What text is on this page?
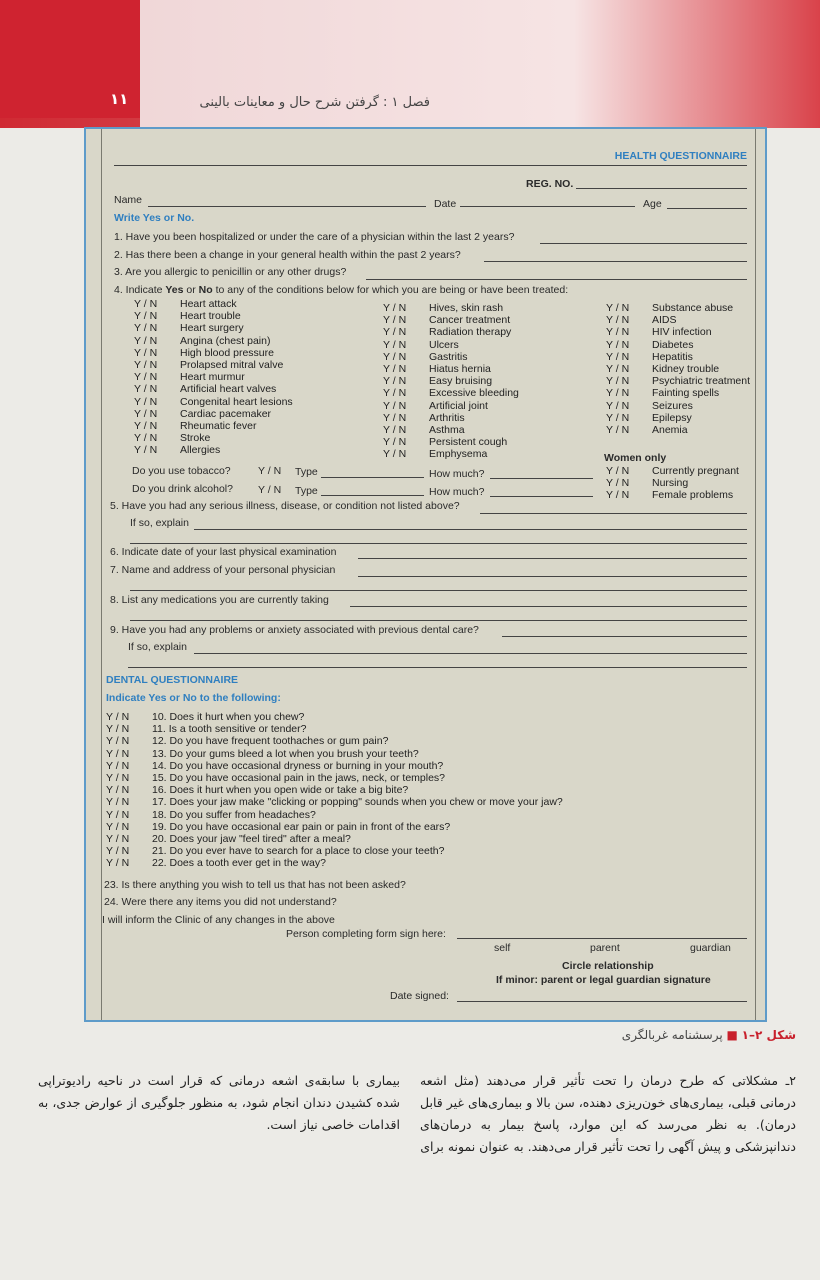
۱۱	فصل ۱ : گرفتن شرح حال و معاینات بالینی
HEALTH QUESTIONNAIRE
REG. NO.
Name	Date	Age
Write Yes or No.
1. Have you been hospitalized or under the care of a physician within the last 2 years?
2. Has there been a change in your general health within the past 2 years?
3. Are you allergic to penicillin or any other drugs?
4. Indicate Yes or No to any of the conditions below for which you are being or have been treated:
Y / N Heart attack
Y / N Heart trouble
Y / N Heart surgery
Y / N Angina (chest pain)
Y / N High blood pressure
Y / N Prolapsed mitral valve
Y / N Heart murmur
Y / N Artificial heart valves
Y / N Congenital heart lesions
Y / N Cardiac pacemaker
Y / N Rheumatic fever
Y / N Stroke
Y / N Allergies
Y / N Hives, skin rash
Y / N Cancer treatment
Y / N Radiation therapy
Y / N Ulcers
Y / N Gastritis
Y / N Hiatus hernia
Y / N Easy bruising
Y / N Excessive bleeding
Y / N Artificial joint
Y / N Arthritis
Y / N Asthma
Y / N Persistent cough
Y / N Emphysema
Y / N Substance abuse
Y / N AIDS
Y / N HIV infection
Y / N Diabetes
Y / N Hepatitis
Y / N Kidney trouble
Y / N Psychiatric treatment
Y / N Fainting spells
Y / N Seizures
Y / N Epilepsy
Y / N Anemia
Women only
Y / N Currently pregnant
Y / N Nursing
Y / N Female problems
Do you use tobacco?	Y / N Type	How much?
Do you drink alcohol? Y / N Type	How much?
5. Have you had any serious illness, disease, or condition not listed above?
If so, explain
6. Indicate date of your last physical examination
7. Name and address of your personal physician
8. List any medications you are currently taking
9. Have you had any problems or anxiety associated with previous dental care?
If so, explain
DENTAL QUESTIONNAIRE
Indicate Yes or No to the following:
Y / N 10. Does it hurt when you chew?
Y / N 11. Is a tooth sensitive or tender?
Y / N 12. Do you have frequent toothaches or gum pain?
Y / N 13. Do your gums bleed a lot when you brush your teeth?
Y / N 14. Do you have occasional dryness or burning in your mouth?
Y / N 15. Do you have occasional pain in the jaws, neck, or temples?
Y / N 16. Does it hurt when you open wide or take a big bite?
Y / N 17. Does your jaw make "clicking or popping" sounds when you chew or move your jaw?
Y / N 18. Do you suffer from headaches?
Y / N 19. Do you have occasional ear pain or pain in front of the ears?
Y / N 20. Does your jaw "feel tired" after a meal?
Y / N 21. Do you ever have to search for a place to close your teeth?
Y / N 22. Does a tooth ever get in the way?
23. Is there anything you wish to tell us that has not been asked?
24. Were there any items you did not understand?
I will inform the Clinic of any changes in the above
Person completing form sign here:
self	parent	guardian
Circle relationship
If minor: parent or legal guardian signature
Date signed:
شکل ۲–۱ ■ پرسشنامه غربالگری
۲ـ مشکلاتی که طرح درمان را تحت تأثیر قرار می‌دهند (مثل اشعه درمانی قبلی، بیماری‌های خون‌ریزی دهنده، سن بالا و بیماری‌های غیر قابل درمان). به نظر می‌رسد که این موارد، پاسخ بیمار به درمان‌های دندانپزشکی و پیش آگهی را تحت تأثیر قرار می‌دهند. به عنوان نمونه برای
بیماری با سابقه‌ی اشعه درمانی که قرار است در ناحیه رادیوتراپی شده کشیدن دندان انجام شود، به منظور جلوگیری از عوارض جدی، به اقدامات خاصی نیاز است.
